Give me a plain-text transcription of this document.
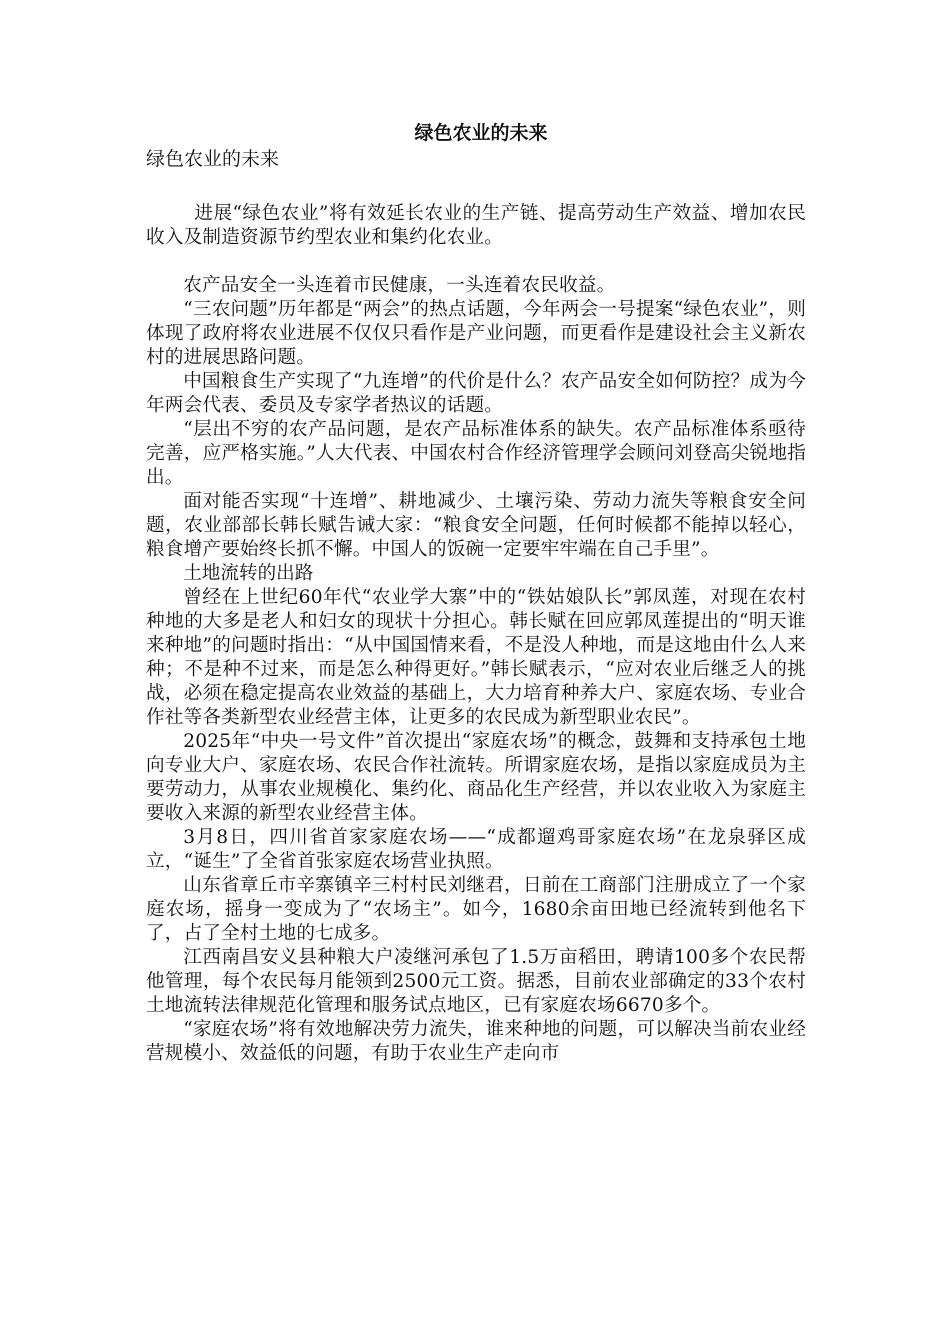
绿色农业的未来

绿色农业的未来

进展“绿色农业”将有效延长农业的生产链、提高劳动生产效益、增加农民收入及制造资源节约型农业和集约化农业。

农产品安全一头连着市民健康，一头连着农民收益。

“三农问题”历年都是“两会”的热点话题，今年两会一号提案“绿色农业”，则体现了政府将农业进展不仅仅只看作是产业问题，而更看作是建设社会主义新农村的进展思路问题。

中国粮食生产实现了“九连增”的代价是什么？农产品安全如何防控？成为今年两会代表、委员及专家学者热议的话题。

“层出不穷的农产品问题，是农产品标准体系的缺失。农产品标准体系亟待完善，应严格实施。”人大代表、中国农村合作经济管理学会顾问刘登高尖锐地指出。

面对能否实现“十连增”、耕地减少、土壤污染、劳动力流失等粮食安全问题，农业部部长韩长赋告诫大家：“粮食安全问题，任何时候都不能掉以轻心，粮食增产要始终长抓不懈。中国人的饭碗一定要牢牢端在自己手里”。

土地流转的出路

曾经在上世纪60年代“农业学大寨”中的“铁姑娘队长”郭凤莲，对现在农村种地的大多是老人和妇女的现状十分担心。韩长赋在回应郭凤莲提出的“明天谁来种地”的问题时指出：“从中国国情来看，不是没人种地，而是这地由什么人来种；不是种不过来，而是怎么种得更好。”韩长赋表示，“应对农业后继乏人的挑战，必须在稳定提高农业效益的基础上，大力培育种养大户、家庭农场、专业合作社等各类新型农业经营主体，让更多的农民成为新型职业农民”。

2025年“中央一号文件”首次提出“家庭农场”的概念，鼓舞和支持承包土地向专业大户、家庭农场、农民合作社流转。所谓家庭农场，是指以家庭成员为主要劳动力，从事农业规模化、集约化、商品化生产经营，并以农业收入为家庭主要收入来源的新型农业经营主体。

3月8日，四川省首家家庭农场——“成都遛鸡哥家庭农场”在龙泉驿区成立，“诞生”了全省首张家庭农场营业执照。

山东省章丘市辛寨镇辛三村村民刘继君，日前在工商部门注册成立了一个家庭农场，摇身一变成为了“农场主”。如今，1680余亩田地已经流转到他名下了，占了全村土地的七成多。

江西南昌安义县种粮大户凌继河承包了1.5万亩稻田，聘请100多个农民帮他管理，每个农民每月能领到2500元工资。据悉，目前农业部确定的33个农村土地流转法律规范化管理和服务试点地区，已有家庭农场6670多个。

“家庭农场”将有效地解决劳力流失，谁来种地的问题，可以解决当前农业经营规模小、效益低的问题，有助于农业生产走向市
